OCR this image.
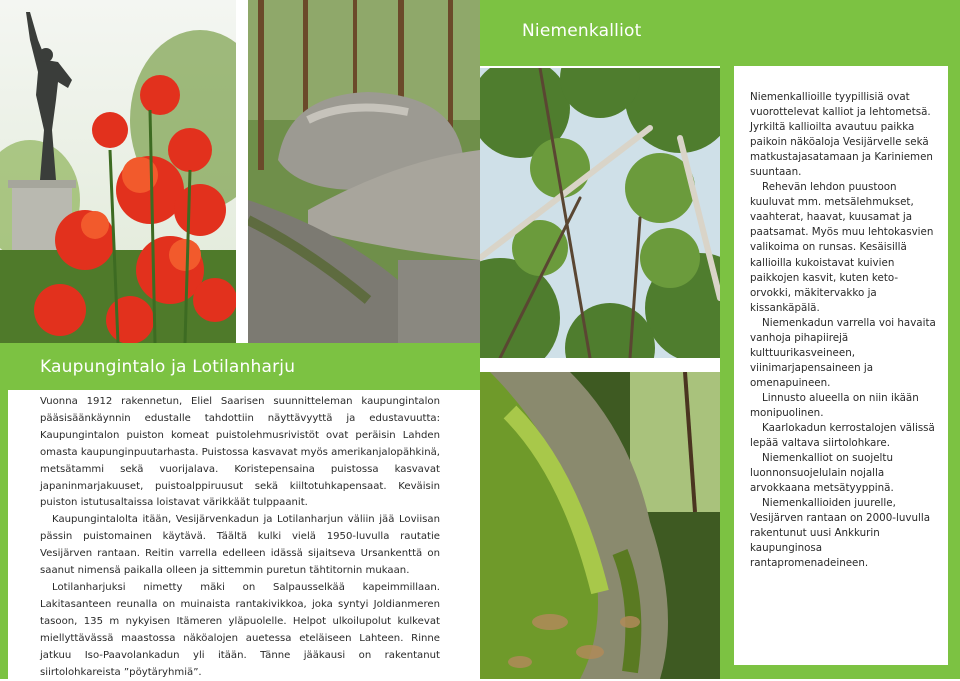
Niemenkalliot
Kaupungintalo ja Lotilanharju

Vuonna 1912 rakennetun, Eliel Saarisen suunnitteleman kaupungintalon pääsisäänkäynnin edustalle tahdottiin näyttävyyttä ja edustavuutta: Kaupungintalon puiston komeat puistolehmusrivistöt ovat peräisin Lahden omasta kaupunginpuutarhasta. Puistossa kasvavat myös amerikanjalopähkinä, metsätammi sekä vuorijalava. Koristepensaina puistossa kasvavat japaninmarjakuuset, puistoalppiruusut sekä kiiltotuhkapensaat. Keväisin puiston istutusaltaissa loistavat värikkäät tulppaanit.

Kaupungintalolta itään, Vesijärvenkadun ja Lotilanharjun väliin jää Loviisan pässin puistomainen käytävä. Täältä kulki vielä 1950-luvulla rautatie Vesijärven rantaan. Reitin varrella edelleen idässä sijaitseva Ursankenttä on saanut nimensä paikalla olleen ja sittemmin puretun tähtitornin mukaan.

Lotilanharjuksi nimetty mäki on Salpausselkää kapeimmillaan. Lakitasanteen reunalla on muinaista rantakivikkoa, joka syntyi Joldianmeren tasoon, 135 m nykyisen Itämeren yläpuolelle. Helpot ulkoilupolut kulkevat miellyttävässä maastossa näköalojen auetessa eteläiseen Lahteen. Rinne jatkuu Iso-Paavolankadun yli itään. Tänne jääkausi on rakentanut siirtolohkareista ”pöytäryhmiä”.

Niemenkallioille tyypillisiä ovat vuorottelevat kalliot ja lehtometsä. Jyrkiltä kallioilta avautuu paikka paikoin näköaloja Vesijärvelle sekä matkustajasatamaan ja Kariniemen suuntaan.

Rehevän lehdon puustoon kuuluvat mm. metsälehmukset, vaahterat, haavat, kuusamat ja paatsamat. Myös muu lehtokasvien valikoima on runsas. Kesäisillä kallioilla kukoistavat kuivien paikkojen kasvit, kuten keto-orvokki, mäkitervakko ja kissankäpälä.

Niemenkadun varrella voi havaita vanhoja pihapiirejä kulttuurikasveineen, viinimarjapensaineen ja omenapuineen.

Linnusto alueella on niin ikään monipuolinen.

Kaarlokadun kerrostalojen välissä lepää valtava siirtolohkare.

Niemenkalliot on suojeltu luonnonsuojelulain nojalla arvokkaana metsätyyppinä.

Niemenkallioiden juurelle, Vesijärven rantaan on 2000-luvulla rakentunut uusi Ankkurin kaupunginosa rantapromenadeineen.
